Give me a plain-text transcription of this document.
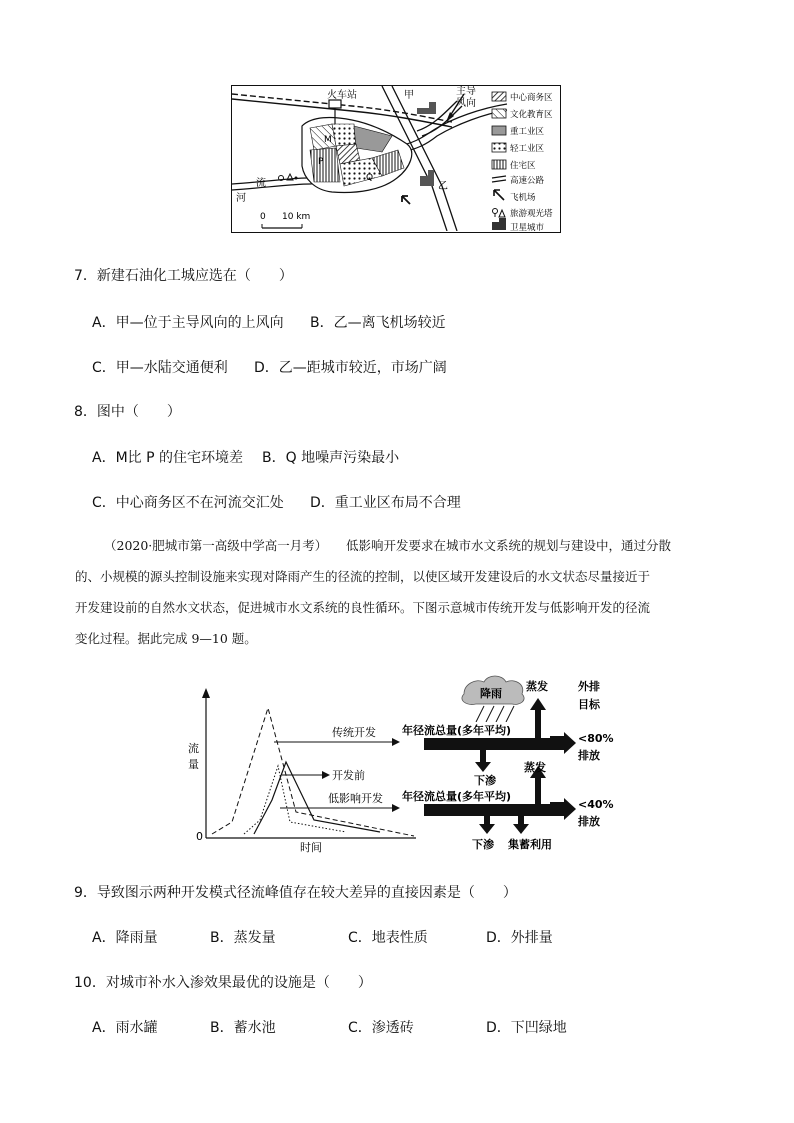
火车站	甲
乙
主导
风向
河
流
M
P
Q
0 10 km
中心商务区
文化教育区
重工业区
轻工业区
住宅区
高速公路
飞机场
旅游观光塔
卫星城市
7．新建石油化工城应选在（　　）
A．甲—位于主导风向的上风向 B．乙—离飞机场较近
C．甲—水陆交通便利 D．乙—距城市较近，市场广阔
8．图中（　　）
A．M比 P 的住宅环境差 B．Q 地噪声污染最小
C．中心商务区不在河流交汇处 D．重工业区布局不合理
（2020·肥城市第一高级中学高一月考）　　低影响开发要求在城市水文系统的规划与建设中，通过分散
的、小规模的源头控制设施来实现对降雨产生的径流的控制，以使区域开发建设后的水文状态尽量接近于
开发建设前的自然水文状态，促进城市水文系统的良性循环。下图示意城市传统开发与低影响开发的径流
变化过程。据此完成 9—10 题。
0
流
量
时间
传统开发
开发前
低影响开发
降雨
年径流总量(多年平均)
蒸发
下渗
外排
目标
<80%
排放
年径流总量(多年平均)
蒸发
下渗 集蓄利用
<40%
排放
9．导致图示两种开发模式径流峰值存在较大差异的直接因素是（　　）
A．降雨量	B．蒸发量	C．地表性质	D．外排量
10．对城市补水入渗效果最优的设施是（　　）
A．雨水罐	B．蓄水池	C．渗透砖	D．下凹绿地
